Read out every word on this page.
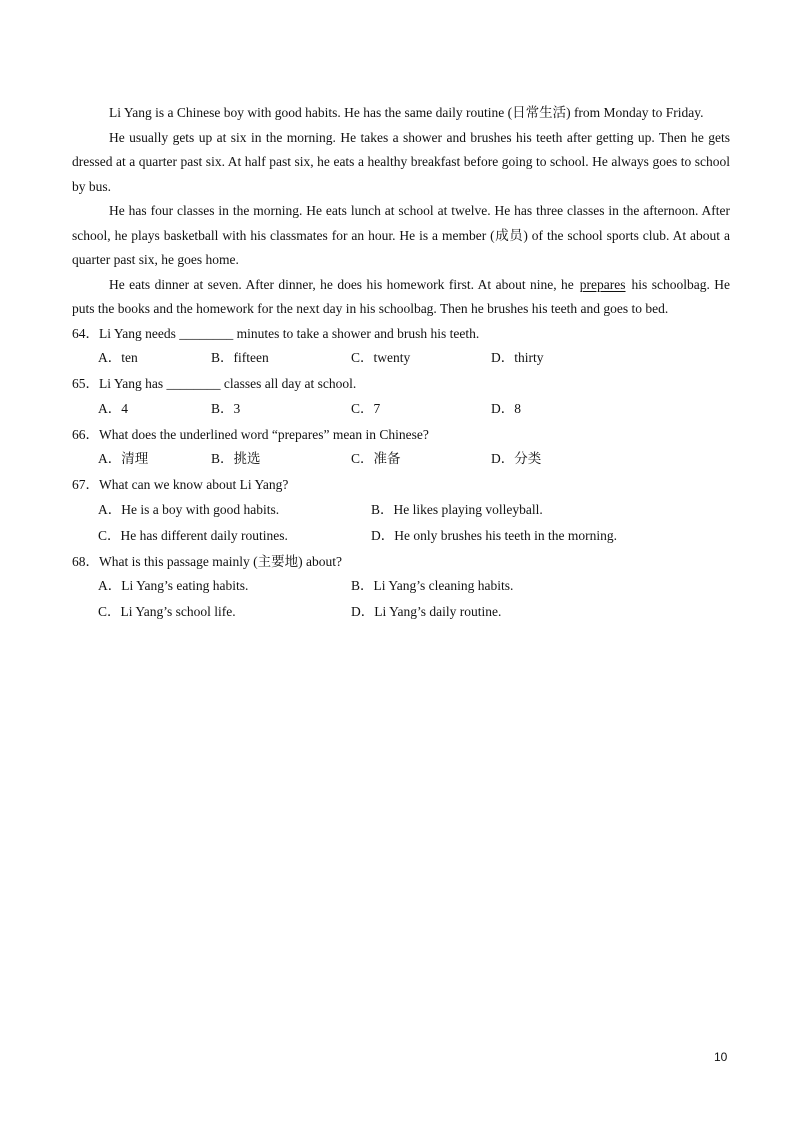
Li Yang is a Chinese boy with good habits. He has the same daily routine (日常生活) from Monday to Friday.

He usually gets up at six in the morning. He takes a shower and brushes his teeth after getting up. Then he gets dressed at a quarter past six. At half past six, he eats a healthy breakfast before going to school. He always goes to school by bus.

He has four classes in the morning. He eats lunch at school at twelve. He has three classes in the afternoon. After school, he plays basketball with his classmates for an hour. He is a member (成员) of the school sports club. At about a quarter past six, he goes home.

He eats dinner at seven. After dinner, he does his homework first. At about nine, he prepares his schoolbag. He puts the books and the homework for the next day in his schoolbag. Then he brushes his teeth and goes to bed.

64．Li Yang needs ________ minutes to take a shower and brush his teeth.

A．ten	B．fifteen	C．twenty	D．thirty

65．Li Yang has ________ classes all day at school.

A．4	B．3	C．7	D．8

66．What does the underlined word “prepares” mean in Chinese?

A．清理	B．挑选	C．准备	D．分类

67．What can we know about Li Yang?

A．He is a boy with good habits.	B．He likes playing volleyball.
C．He has different daily routines.	D．He only brushes his teeth in the morning.

68．What is this passage mainly (主要地) about?

A．Li Yang’s eating habits.	B．Li Yang’s cleaning habits.
C．Li Yang’s school life.	D．Li Yang’s daily routine.
10
